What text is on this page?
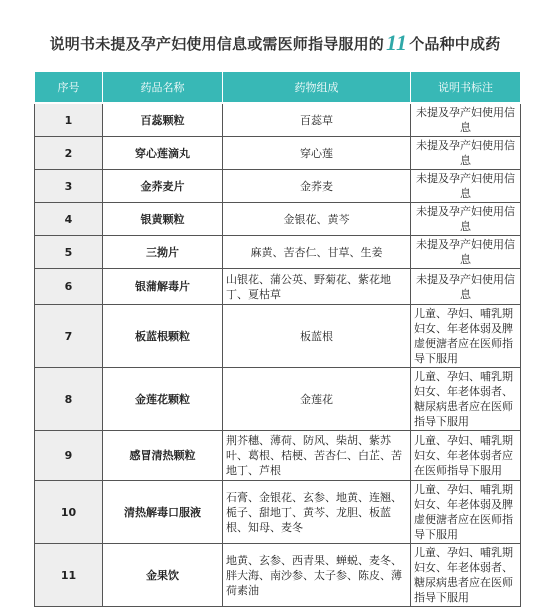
说明书未提及孕产妇使用信息或需医师指导服用的11 个品种中成药
序号	药品名称	药物组成	说明书标注
1	百蕊颗粒	百蕊草	未提及孕产妇使用信息
2	穿心莲滴丸	穿心莲	未提及孕产妇使用信息
3	金荞麦片	金荞麦	未提及孕产妇使用信息
4	银黄颗粒	金银花、黄芩	未提及孕产妇使用信息
5	三拗片	麻黄、苦杏仁、甘草、生姜	未提及孕产妇使用信息
6	银蒲解毒片	山银花、蒲公英、野菊花、紫花地丁、夏枯草	未提及孕产妇使用信息
7	板蓝根颗粒	板蓝根	儿童、孕妇、哺乳期妇女、年老体弱及脾虚便溏者应在医师指导下服用
8	金莲花颗粒	金莲花	儿童、孕妇、哺乳期妇女、年老体弱者、糖尿病患者应在医师指导下服用
9	感冒清热颗粒	荆芥穗、薄荷、防风、柴胡、紫苏叶、葛根、桔梗、苦杏仁、白芷、苦地丁、芦根	儿童、孕妇、哺乳期妇女、年老体弱者应在医师指导下服用
10	清热解毒口服液	石膏、金银花、玄参、地黄、连翘、栀子、甜地丁、黄芩、龙胆、板蓝根、知母、麦冬	儿童、孕妇、哺乳期妇女、年老体弱及脾虚便溏者应在医师指导下服用
11	金果饮	地黄、玄参、西青果、蝉蜕、麦冬、胖大海、南沙参、太子参、陈皮、薄荷素油	儿童、孕妇、哺乳期妇女、年老体弱者、糖尿病患者应在医师指导下服用
